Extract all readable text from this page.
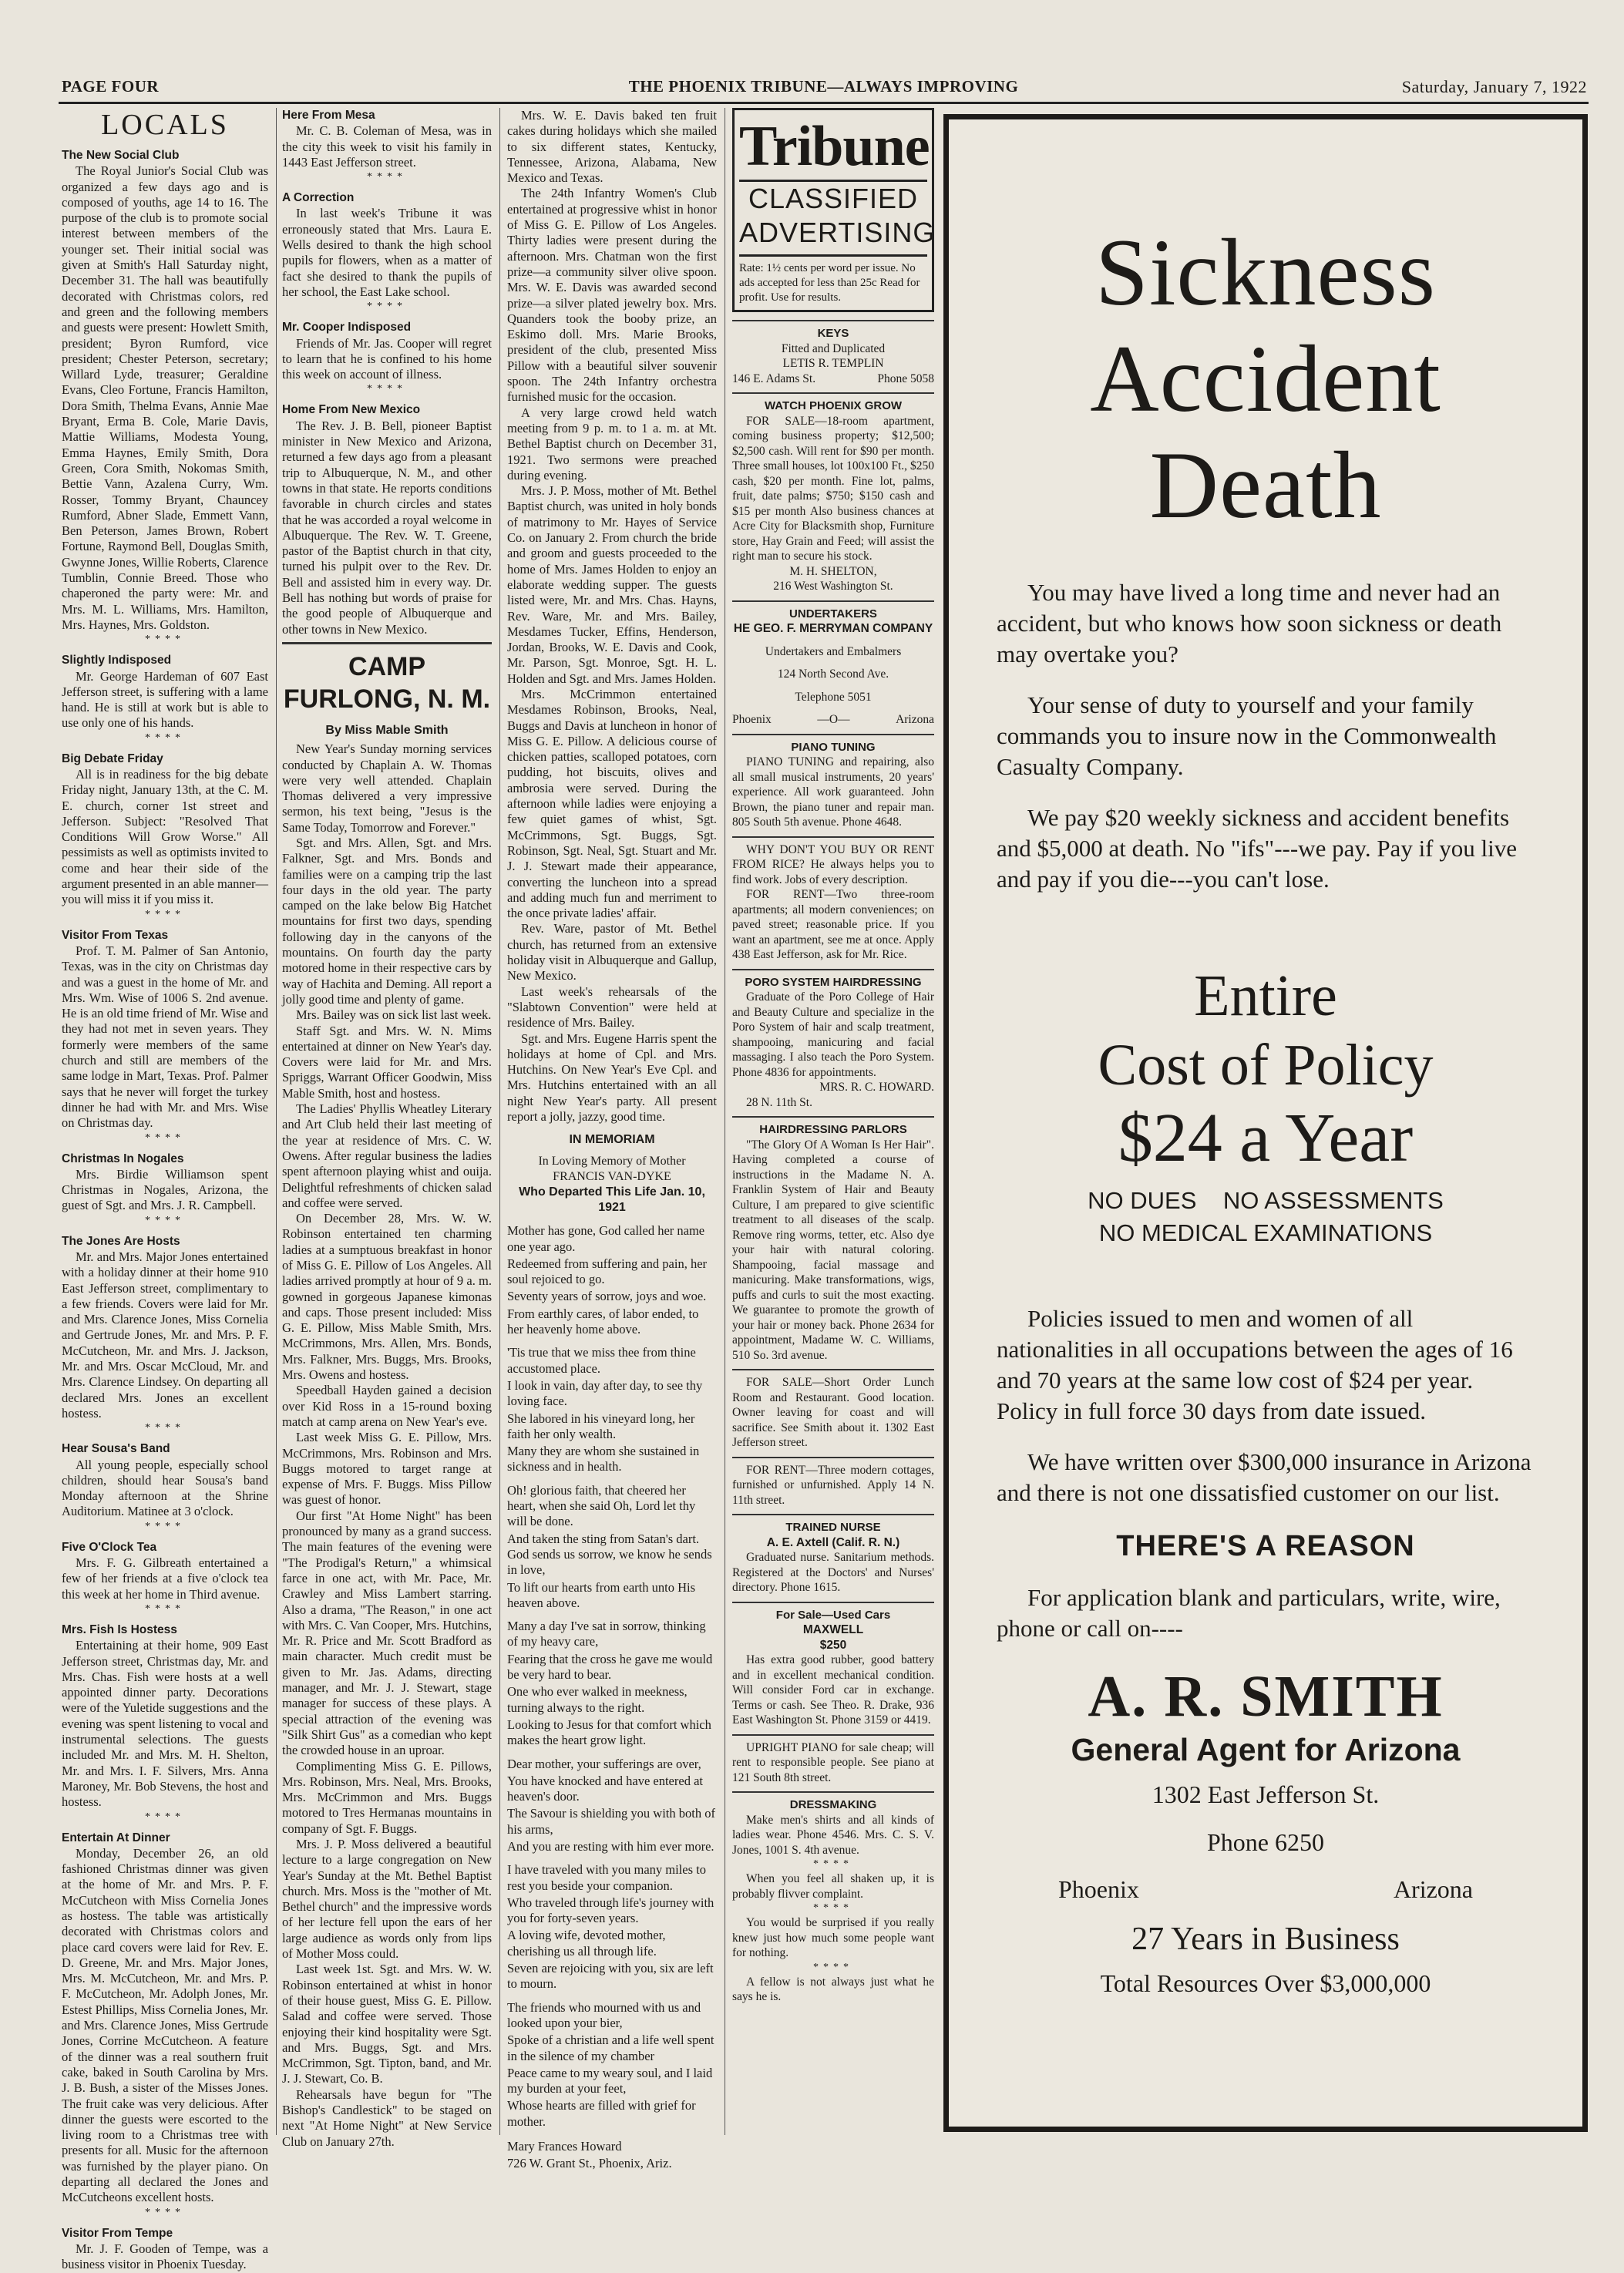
PAGE FOUR	THE PHOENIX TRIBUNE—ALWAYS IMPROVING	Saturday, January 7, 1922
LOCALS
The New Social Club

The Royal Junior's Social Club was organized a few days ago and is composed of youths, age 14 to 16. The purpose of the club is to promote social interest between members of the younger set. Their initial social was given at Smith's Hall Saturday night, December 31. The hall was beautifully decorated with Christmas colors, red and green and the following members and guests were present: Howlett Smith, president; Byron Rumford, vice president; Chester Peterson, secretary; Willard Lyde, treasurer; Geraldine Evans, Cleo Fortune, Francis Hamilton, Dora Smith, Thelma Evans, Annie Mae Bryant, Erma B. Cole, Marie Davis, Mattie Williams, Modesta Young, Emma Haynes, Emily Smith, Dora Green, Cora Smith, Nokomas Smith, Bettie Vann, Azalena Curry, Wm. Rosser, Tommy Bryant, Chauncey Rumford, Abner Slade, Emmett Vann, Ben Peterson, James Brown, Robert Fortune, Raymond Bell, Douglas Smith, Gwynne Jones, Willie Roberts, Clarence Tumblin, Connie Breed. Those who chaperoned the party were: Mr. and Mrs. M. L. Williams, Mrs. Hamilton, Mrs. Haynes, Mrs. Goldston.

****
Slightly Indisposed

Mr. George Hardeman of 607 East Jefferson street, is suffering with a lame hand. He is still at work but is able to use only one of his hands.

****
Big Debate Friday

All is in readiness for the big debate Friday night, January 13th, at the C. M. E. church, corner 1st street and Jefferson. Subject: "Resolved That Conditions Will Grow Worse." All pessimists as well as optimists invited to come and hear their side of the argument presented in an able manner—you will miss it if you miss it.

****
Visitor From Texas

Prof. T. M. Palmer of San Antonio, Texas, was in the city on Christmas day and was a guest in the home of Mr. and Mrs. Wm. Wise of 1006 S. 2nd avenue. He is an old time friend of Mr. Wise and they had not met in seven years. They formerly were members of the same church and still are members of the same lodge in Mart, Texas. Prof. Palmer says that he never will forget the turkey dinner he had with Mr. and Mrs. Wise on Christmas day.

****
Christmas In Nogales

Mrs. Birdie Williamson spent Christmas in Nogales, Arizona, the guest of Sgt. and Mrs. J. R. Campbell.

****
The Jones Are Hosts

Mr. and Mrs. Major Jones entertained with a holiday dinner at their home 910 East Jefferson street, complimentary to a few friends. Covers were laid for Mr. and Mrs. Clarence Jones, Miss Cornelia and Gertrude Jones, Mr. and Mrs. P. F. McCutcheon, Mr. and Mrs. J. Jackson, Mr. and Mrs. Oscar McCloud, Mr. and Mrs. Clarence Lindsey. On departing all declared Mrs. Jones an excellent hostess.

****
Hear Sousa's Band

All young people, especially school children, should hear Sousa's band Monday afternoon at the Shrine Auditorium. Matinee at 3 o'clock.

****
Five O'Clock Tea

Mrs. F. G. Gilbreath entertained a few of her friends at a five o'clock tea this week at her home in Third avenue.

****
Mrs. Fish Is Hostess

Entertaining at their home, 909 East Jefferson street, Christmas day, Mr. and Mrs. Chas. Fish were hosts at a well appointed dinner party. Decorations were of the Yuletide suggestions and the evening was spent listening to vocal and instrumental selections. The guests included Mr. and Mrs. M. H. Shelton, Mr. and Mrs. I. F. Silvers, Mrs. Anna Maroney, Mr. Bob Stevens, the host and hostess.

****
Entertain At Dinner

Monday, December 26, an old fashioned Christmas dinner was given at the home of Mr. and Mrs. P. F. McCutcheon with Miss Cornelia Jones as hostess. The table was artistically decorated with Christmas colors and place card covers were laid for Rev. E. D. Greene, Mr. and Mrs. Major Jones, Mrs. M. McCutcheon, Mr. and Mrs. P. F. McCutcheon, Mr. Adolph Jones, Mr. Estest Phillips, Miss Cornelia Jones, Mr. and Mrs. Clarence Jones, Miss Gertrude Jones, Corrine McCutcheon. A feature of the dinner was a real southern fruit cake, baked in South Carolina by Mrs. J. B. Bush, a sister of the Misses Jones. The fruit cake was very delicious. After dinner the guests were escorted to the living room to a Christmas tree with presents for all. Music for the afternoon was furnished by the player piano. On departing all declared the Jones and McCutcheons excellent hosts.

****
Visitor From Tempe

Mr. J. F. Gooden of Tempe, was a business visitor in Phoenix Tuesday.

Here From Mesa

Mr. C. B. Coleman of Mesa, was in the city this week to visit his family in 1443 East Jefferson street.

****
A Correction

In last week's Tribune it was erroneously stated that Mrs. Laura E. Wells desired to thank the high school pupils for flowers, when as a matter of fact she desired to thank the pupils of her school, the East Lake school.

****
Mr. Cooper Indisposed

Friends of Mr. Jas. Cooper will regret to learn that he is confined to his home this week on account of illness.

****
Home From New Mexico

The Rev. J. B. Bell, pioneer Baptist minister in New Mexico and Arizona, returned a few days ago from a pleasant trip to Albuquerque, N. M., and other towns in that state. He reports conditions favorable in church circles and states that he was accorded a royal welcome in Albuquerque. The Rev. W. T. Greene, pastor of the Baptist church in that city, turned his pulpit over to the Rev. Dr. Bell and assisted him in every way. Dr. Bell has nothing but words of praise for the good people of Albuquerque and other towns in New Mexico.

CAMP FURLONG, N. M.
By Miss Mable Smith

New Year's Sunday morning services conducted by Chaplain A. W. Thomas were very well attended. Chaplain Thomas delivered a very impressive sermon, his text being, "Jesus is the Same Today, Tomorrow and Forever."

Sgt. and Mrs. Allen, Sgt. and Mrs. Falkner, Sgt. and Mrs. Bonds and families were on a camping trip the last four days in the old year. The party camped on the lake below Big Hatchet mountains for first two days, spending following day in the canyons of the mountains. On fourth day the party motored home in their respective cars by way of Hachita and Deming. All report a jolly good time and plenty of game.

Mrs. Bailey was on sick list last week.

Staff Sgt. and Mrs. W. N. Mims entertained at dinner on New Year's day. Covers were laid for Mr. and Mrs. Spriggs, Warrant Officer Goodwin, Miss Mable Smith, host and hostess.

The Ladies' Phyllis Wheatley Literary and Art Club held their last meeting of the year at residence of Mrs. C. W. Owens. After regular business the ladies spent afternoon playing whist and ouija. Delightful refreshments of chicken salad and coffee were served.

On December 28, Mrs. W. W. Robinson entertained ten charming ladies at a sumptuous breakfast in honor of Miss G. E. Pillow of Los Angeles. All ladies arrived promptly at hour of 9 a. m. gowned in gorgeous Japanese kimonas and caps. Those present included: Miss G. E. Pillow, Miss Mable Smith, Mrs. McCrimmons, Mrs. Allen, Mrs. Bonds, Mrs. Falkner, Mrs. Buggs, Mrs. Brooks, Mrs. Owens and hostess.

Speedball Hayden gained a decision over Kid Ross in a 15-round boxing match at camp arena on New Year's eve.

Last week Miss G. E. Pillow, Mrs. McCrimmons, Mrs. Robinson and Mrs. Buggs motored to target range at expense of Mrs. F. Buggs. Miss Pillow was guest of honor.

Our first "At Home Night" has been pronounced by many as a grand success. The main features of the evening were "The Prodigal's Return," a whimsical farce in one act, with Mr. Pace, Mr. Crawley and Miss Lambert starring. Also a drama, "The Reason," in one act with Mrs. C. Van Cooper, Mrs. Hutchins, Mr. R. Price and Mr. Scott Bradford as main character. Much credit must be given to Mr. Jas. Adams, directing manager, and Mr. J. J. Stewart, stage manager for success of these plays. A special attraction of the evening was "Silk Shirt Gus" as a comedian who kept the crowded house in an uproar.

Complimenting Miss G. E. Pillows, Mrs. Robinson, Mrs. Neal, Mrs. Brooks, Mrs. McCrimmon and Mrs. Buggs motored to Tres Hermanas mountains in company of Sgt. F. Buggs.

Mrs. J. P. Moss delivered a beautiful lecture to a large congregation on New Year's Sunday at the Mt. Bethel Baptist church. Mrs. Moss is the "mother of Mt. Bethel church" and the impressive words of her lecture fell upon the ears of her large audience as words only from lips of Mother Moss could.

Last week 1st. Sgt. and Mrs. W. W. Robinson entertained at whist in honor of their house guest, Miss G. E. Pillow. Salad and coffee were served. Those enjoying their kind hospitality were Sgt. and Mrs. Buggs, Sgt. and Mrs. McCrimmon, Sgt. Tipton, band, and Mr. J. J. Stewart, Co. B.

Rehearsals have begun for "The Bishop's Candlestick" to be staged on next "At Home Night" at New Service Club on January 27th.

Mrs. W. E. Davis baked ten fruit cakes during holidays which she mailed to six different states, Kentucky, Tennessee, Arizona, Alabama, New Mexico and Texas.

The 24th Infantry Women's Club entertained at progressive whist in honor of Miss G. E. Pillow of Los Angeles. Thirty ladies were present during the afternoon. Mrs. Chatman won the first prize—a community silver olive spoon. Mrs. W. E. Davis was awarded second prize—a silver plated jewelry box. Mrs. Quanders took the booby prize, an Eskimo doll. Mrs. Marie Brooks, president of the club, presented Miss Pillow with a beautiful silver souvenir spoon. The 24th Infantry orchestra furnished music for the occasion.

A very large crowd held watch meeting from 9 p. m. to 1 a. m. at Mt. Bethel Baptist church on December 31, 1921. Two sermons were preached during evening.

Mrs. J. P. Moss, mother of Mt. Bethel Baptist church, was united in holy bonds of matrimony to Mr. Hayes of Service Co. on January 2. From church the bride and groom and guests proceeded to the home of Mrs. James Holden to enjoy an elaborate wedding supper. The guests listed were, Mr. and Mrs. Chas. Hayns, Rev. Ware, Mr. and Mrs. Bailey, Mesdames Tucker, Effins, Henderson, Jordan, Brooks, W. E. Davis and Cook, Mr. Parson, Sgt. Monroe, Sgt. H. L. Holden and Sgt. and Mrs. James Holden.

Mrs. McCrimmon entertained Mesdames Robinson, Brooks, Neal, Buggs and Davis at luncheon in honor of Miss G. E. Pillow. A delicious course of chicken patties, scalloped potatoes, corn pudding, hot biscuits, olives and ambrosia were served. During the afternoon while ladies were enjoying a few quiet games of whist, Sgt. McCrimmons, Sgt. Buggs, Sgt. Robinson, Sgt. Neal, Sgt. Stuart and Mr. J. J. Stewart made their appearance, converting the luncheon into a spread and adding much fun and merriment to the once private ladies' affair.

Rev. Ware, pastor of Mt. Bethel church, has returned from an extensive holiday visit in Albuquerque and Gallup, New Mexico.

Last week's rehearsals of the "Slabtown Convention" were held at residence of Mrs. Bailey.

Sgt. and Mrs. Eugene Harris spent the holidays at home of Cpl. and Mrs. Hutchins. On New Year's Eve Cpl. and Mrs. Hutchins entertained with an all night New Year's party. All present report a jolly, jazzy, good time.

IN MEMORIAM
In Loving Memory of Mother
FRANCIS VAN-DYKE
Who Departed This Life Jan. 10, 1921

Mother has gone, God called her name one year ago.

Redeemed from suffering and pain, her soul rejoiced to go.

Seventy years of sorrow, joys and woe.

From earthly cares, of labor ended, to her heavenly home above.

'Tis true that we miss thee from thine accustomed place.

I look in vain, day after day, to see thy loving face.

She labored in his vineyard long, her faith her only wealth.

Many they are whom she sustained in sickness and in health.

Oh! glorious faith, that cheered her heart, when she said Oh, Lord let thy will be done.

And taken the sting from Satan's dart. God sends us sorrow, we know he sends in love,

To lift our hearts from earth unto His heaven above.

Many a day I've sat in sorrow, thinking of my heavy care,

Fearing that the cross he gave me would be very hard to bear.

One who ever walked in meekness, turning always to the right.

Looking to Jesus for that comfort which makes the heart grow light.

Dear mother, your sufferings are over,

You have knocked and have entered at heaven's door.

The Savour is shielding you with both of his arms,

And you are resting with him ever more.

I have traveled with you many miles to rest you beside your companion.

Who traveled through life's journey with you for forty-seven years.

A loving wife, devoted mother, cherishing us all through life.

Seven are rejoicing with you, six are left to mourn.

The friends who mourned with us and looked upon your bier,

Spoke of a christian and a life well spent in the silence of my chamber

Peace came to my weary soul, and I laid my burden at your feet,

Whose hearts are filled with grief for mother.

Mary Frances Howard

726 W. Grant St., Phoenix, Ariz.

Tribune
CLASSIFIED
ADVERTISING
Rate: 1½ cents per word per issue. No ads accepted for less than 25c Read for profit. Use for results.
KEYS

Fitted and Duplicated

LETIS R. TEMPLIN

146 E. Adams St.	Phone 5058
WATCH PHOENIX GROW

FOR SALE—18-room apartment, coming business property; $12,500; $2,500 cash. Will rent for $90 per month. Three small houses, lot 100x100 Ft., $250 cash, $20 per month. Fine lot, palms, fruit, date palms; $750; $150 cash and $15 per month Also business chances at Acre City for Blacksmith shop, Furniture store, Hay Grain and Feed; will assist the right man to secure his stock.

M. H. SHELTON,

216 West Washington St.

UNDERTAKERS

HE GEO. F. MERRYMAN COMPANY

Undertakers and Embalmers

124 North Second Ave.

Telephone 5051

Phoenix	—O—	Arizona
PIANO TUNING

PIANO TUNING and repairing, also all small musical instruments, 20 years' experience. All work guaranteed. John Brown, the piano tuner and repair man. 805 South 5th avenue. Phone 4648.

WHY DON'T YOU BUY OR RENT FROM RICE? He always helps you to find work. Jobs of every description.

FOR RENT—Two three-room apartments; all modern conveniences; on paved street; reasonable price. If you want an apartment, see me at once. Apply 438 East Jefferson, ask for Mr. Rice.

PORO SYSTEM HAIRDRESSING

Graduate of the Poro College of Hair and Beauty Culture and specialize in the Poro System of hair and scalp treatment, shampooing, manicuring and facial massaging. I also teach the Poro System. Phone 4836 for appointments.

MRS. R. C. HOWARD.

28 N. 11th St.

HAIRDRESSING PARLORS

"The Glory Of A Woman Is Her Hair". Having completed a course of instructions in the Madame N. A. Franklin System of Hair and Beauty Culture, I am prepared to give scientific treatment to all diseases of the scalp. Remove ring worms, tetter, etc. Also dye your hair with natural coloring. Shampooing, facial massage and manicuring. Make transformations, wigs, puffs and curls to suit the most exacting. We guarantee to promote the growth of your hair or money back. Phone 2634 for appointment, Madame W. C. Williams, 510 So. 3rd avenue.

FOR SALE—Short Order Lunch Room and Restaurant. Good location. Owner leaving for coast and will sacrifice. See Smith about it. 1302 East Jefferson street.

FOR RENT—Three modern cottages, furnished or unfurnished. Apply 14 N. 11th street.

TRAINED NURSE

A. E. Axtell (Calif. R. N.)

Graduated nurse. Sanitarium methods. Registered at the Doctors' and Nurses' directory. Phone 1615.

For Sale—Used Cars

MAXWELL

$250

Has extra good rubber, good battery and in excellent mechanical condition. Will consider Ford car in exchange. Terms or cash. See Theo. R. Drake, 936 East Washington St. Phone 3159 or 4419.

UPRIGHT PIANO for sale cheap; will rent to responsible people. See piano at 121 South 8th street.

DRESSMAKING

Make men's shirts and all kinds of ladies wear. Phone 4546. Mrs. C. S. V. Jones, 1001 S. 4th avenue.

****

When you feel all shaken up, it is probably flivver complaint.

****

You would be surprised if you really knew just how much some people want for nothing.

****

A fellow is not always just what he says he is.

Sickness
Accident
Death

You may have lived a long time and never had an accident, but who knows how soon sickness or death may overtake you?

Your sense of duty to yourself and your family commands you to insure now in the Commonwealth Casualty Company.

We pay $20 weekly sickness and accident benefits and $5,000 at death. No "ifs"---we pay. Pay if you live and pay if you die---you can't lose.

Entire
Cost of Policy
$24 a Year
NO DUES    NO ASSESSMENTS
NO MEDICAL EXAMINATIONS

Policies issued to men and women of all nationalities in all occupations between the ages of 16 and 70 years at the same low cost of $24 per year. Policy in full force 30 days from date issued.

We have written over $300,000 insurance in Arizona and there is not one dissatisfied customer on our list.

THERE'S A REASON

For application blank and particulars, write, wire, phone or call on----

A. R. SMITH
General Agent for Arizona
1302 East Jefferson St.
Phone 6250
Phoenix	Arizona
27 Years in Business
Total Resources Over $3,000,000
